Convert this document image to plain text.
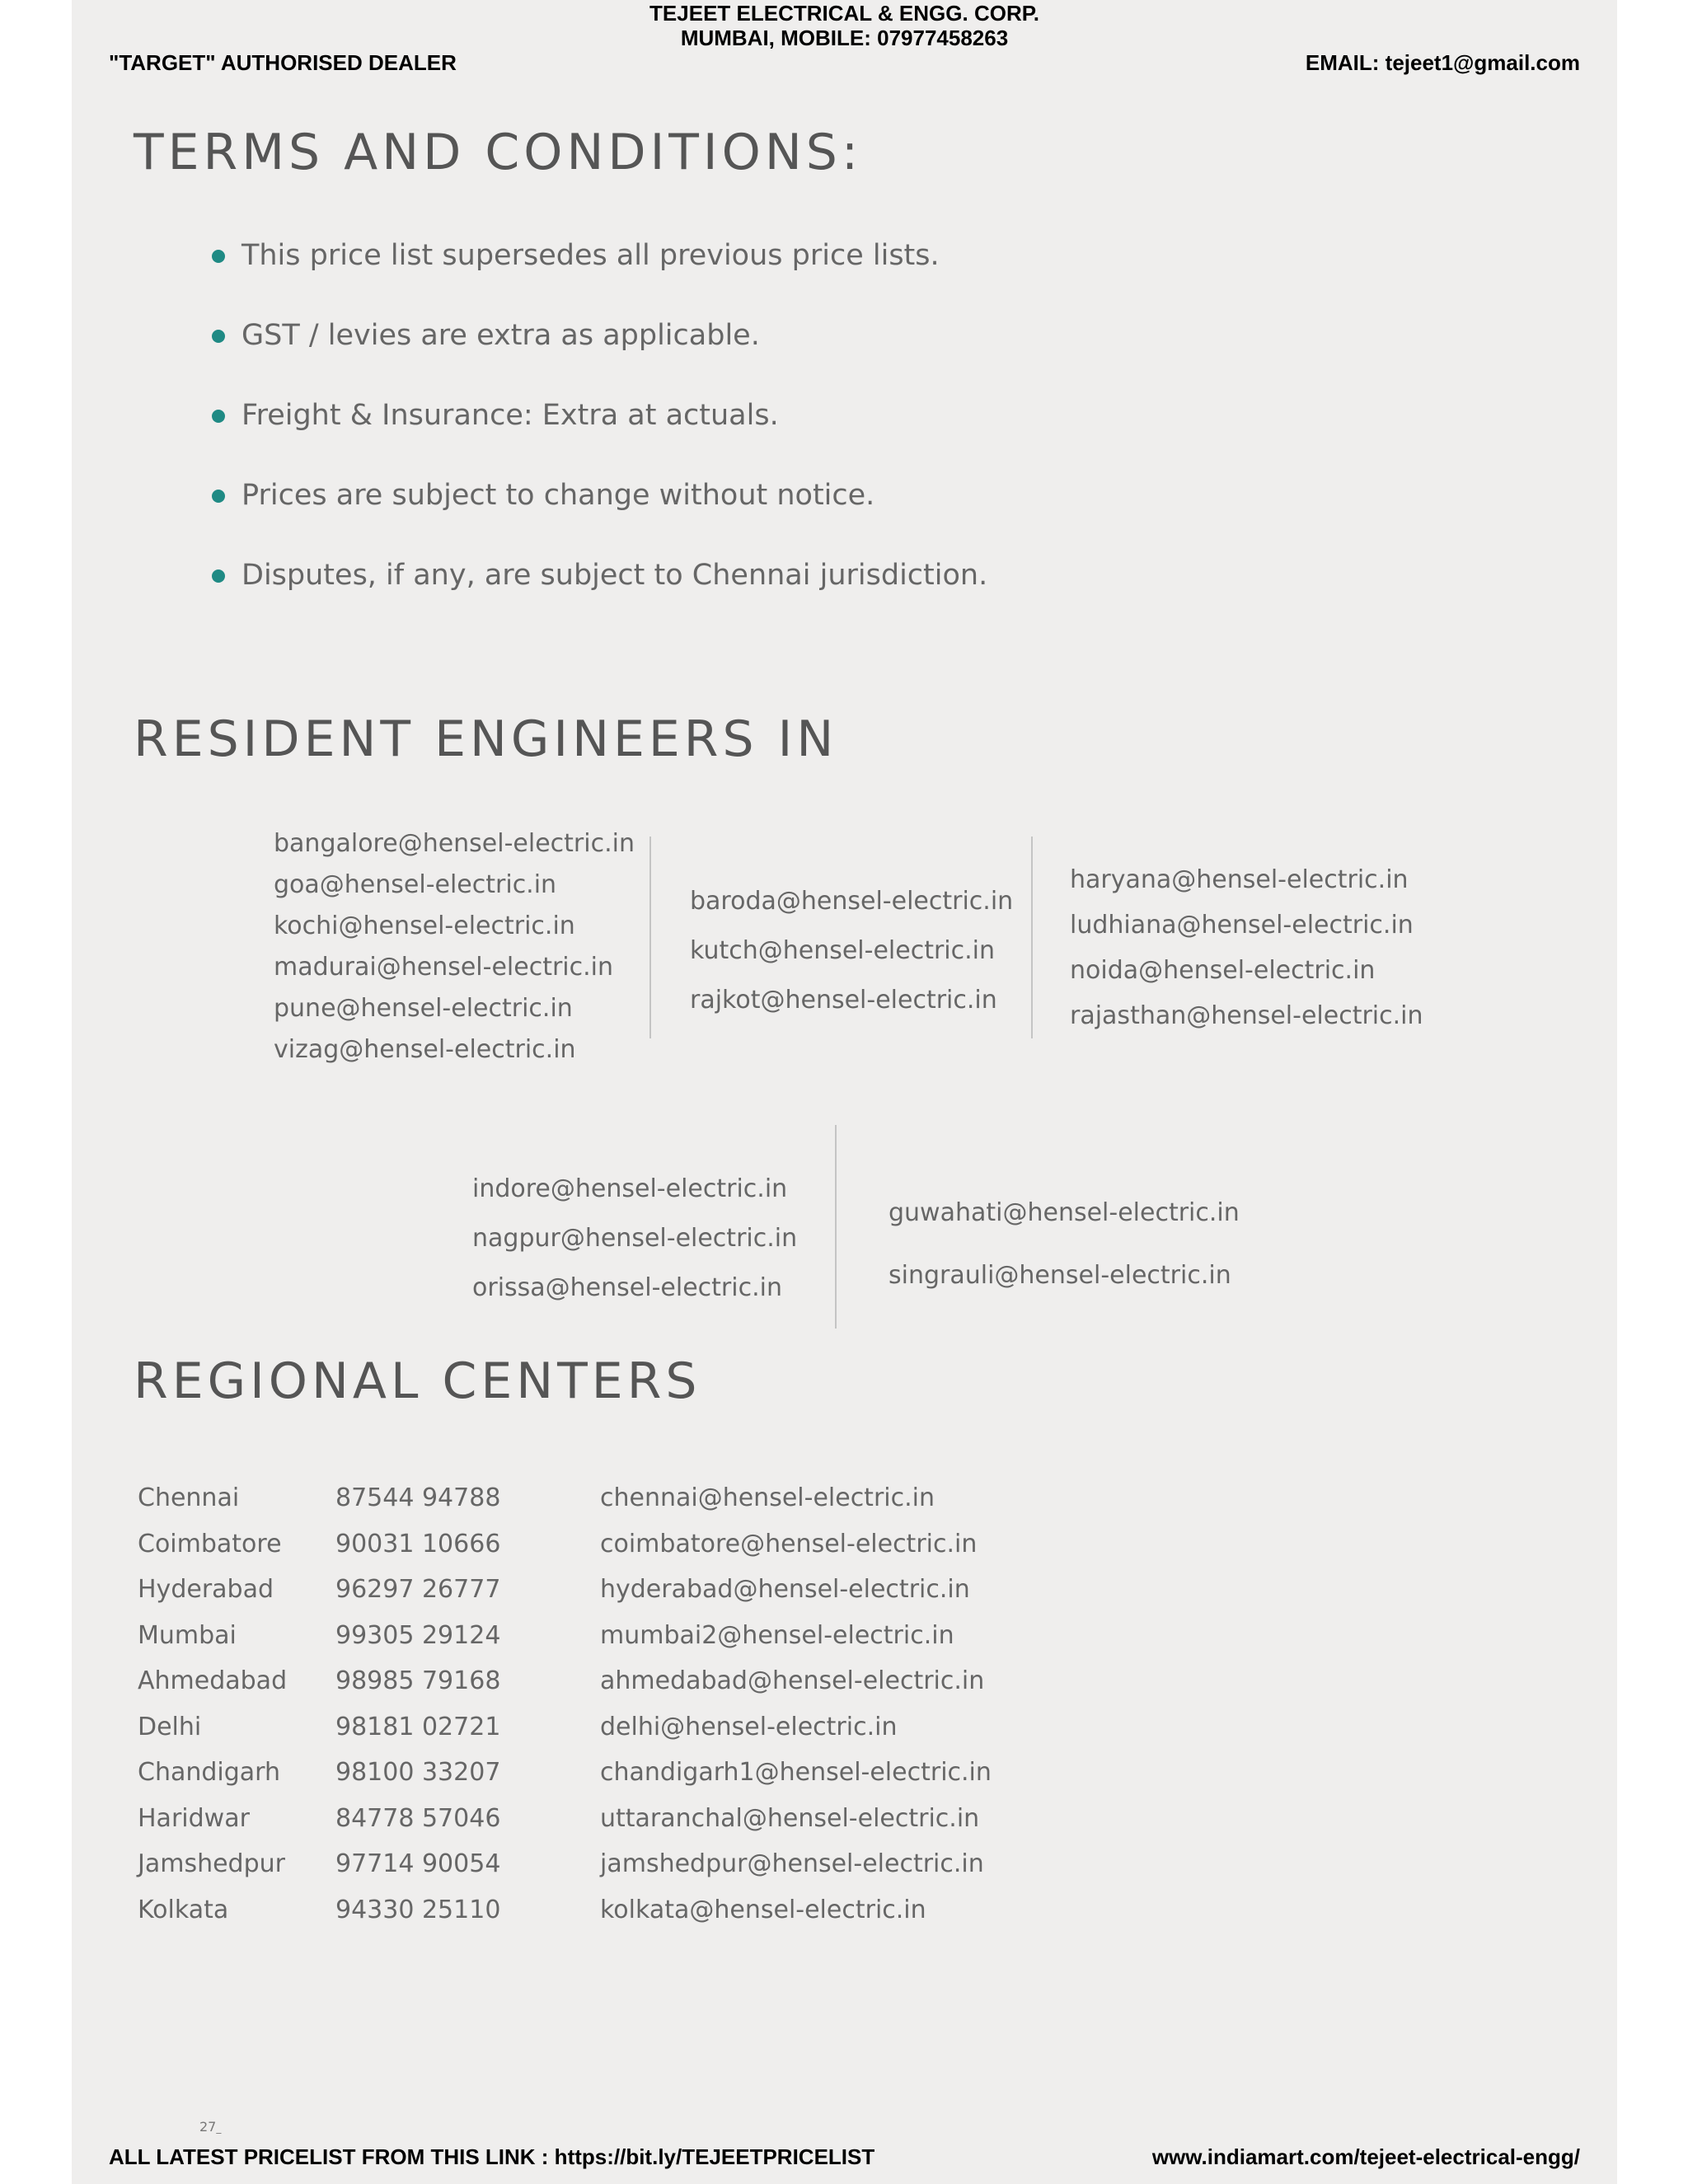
TEJEET ELECTRICAL & ENGG. CORP.
MUMBAI, MOBILE: 07977458263
"TARGET" AUTHORISED DEALER	EMAIL: tejeet1@gmail.com
TERMS AND CONDITIONS:
This price list supersedes all previous price lists.
GST / levies are extra as applicable.
Freight & Insurance: Extra at actuals.
Prices are subject to change without notice.
Disputes, if any, are subject to Chennai jurisdiction.
RESIDENT ENGINEERS IN
bangalore@hensel-electric.in
goa@hensel-electric.in
kochi@hensel-electric.in
madurai@hensel-electric.in
pune@hensel-electric.in
vizag@hensel-electric.in
baroda@hensel-electric.in
kutch@hensel-electric.in
rajkot@hensel-electric.in
haryana@hensel-electric.in
ludhiana@hensel-electric.in
noida@hensel-electric.in
rajasthan@hensel-electric.in
indore@hensel-electric.in
nagpur@hensel-electric.in
orissa@hensel-electric.in
guwahati@hensel-electric.in
singrauli@hensel-electric.in
REGIONAL CENTERS
Chennai
Coimbatore
Hyderabad
Mumbai
Ahmedabad
Delhi
Chandigarh
Haridwar
Jamshedpur
Kolkata
87544 94788
90031 10666
96297 26777
99305 29124
98985 79168
98181 02721
98100 33207
84778 57046
97714 90054
94330 25110
chennai@hensel-electric.in
coimbatore@hensel-electric.in
hyderabad@hensel-electric.in
mumbai2@hensel-electric.in
ahmedabad@hensel-electric.in
delhi@hensel-electric.in
chandigarh1@hensel-electric.in
uttaranchal@hensel-electric.in
jamshedpur@hensel-electric.in
kolkata@hensel-electric.in
27_
ALL LATEST PRICELIST FROM THIS LINK : https://bit.ly/TEJEETPRICELIST	www.indiamart.com/tejeet-electrical-engg/
